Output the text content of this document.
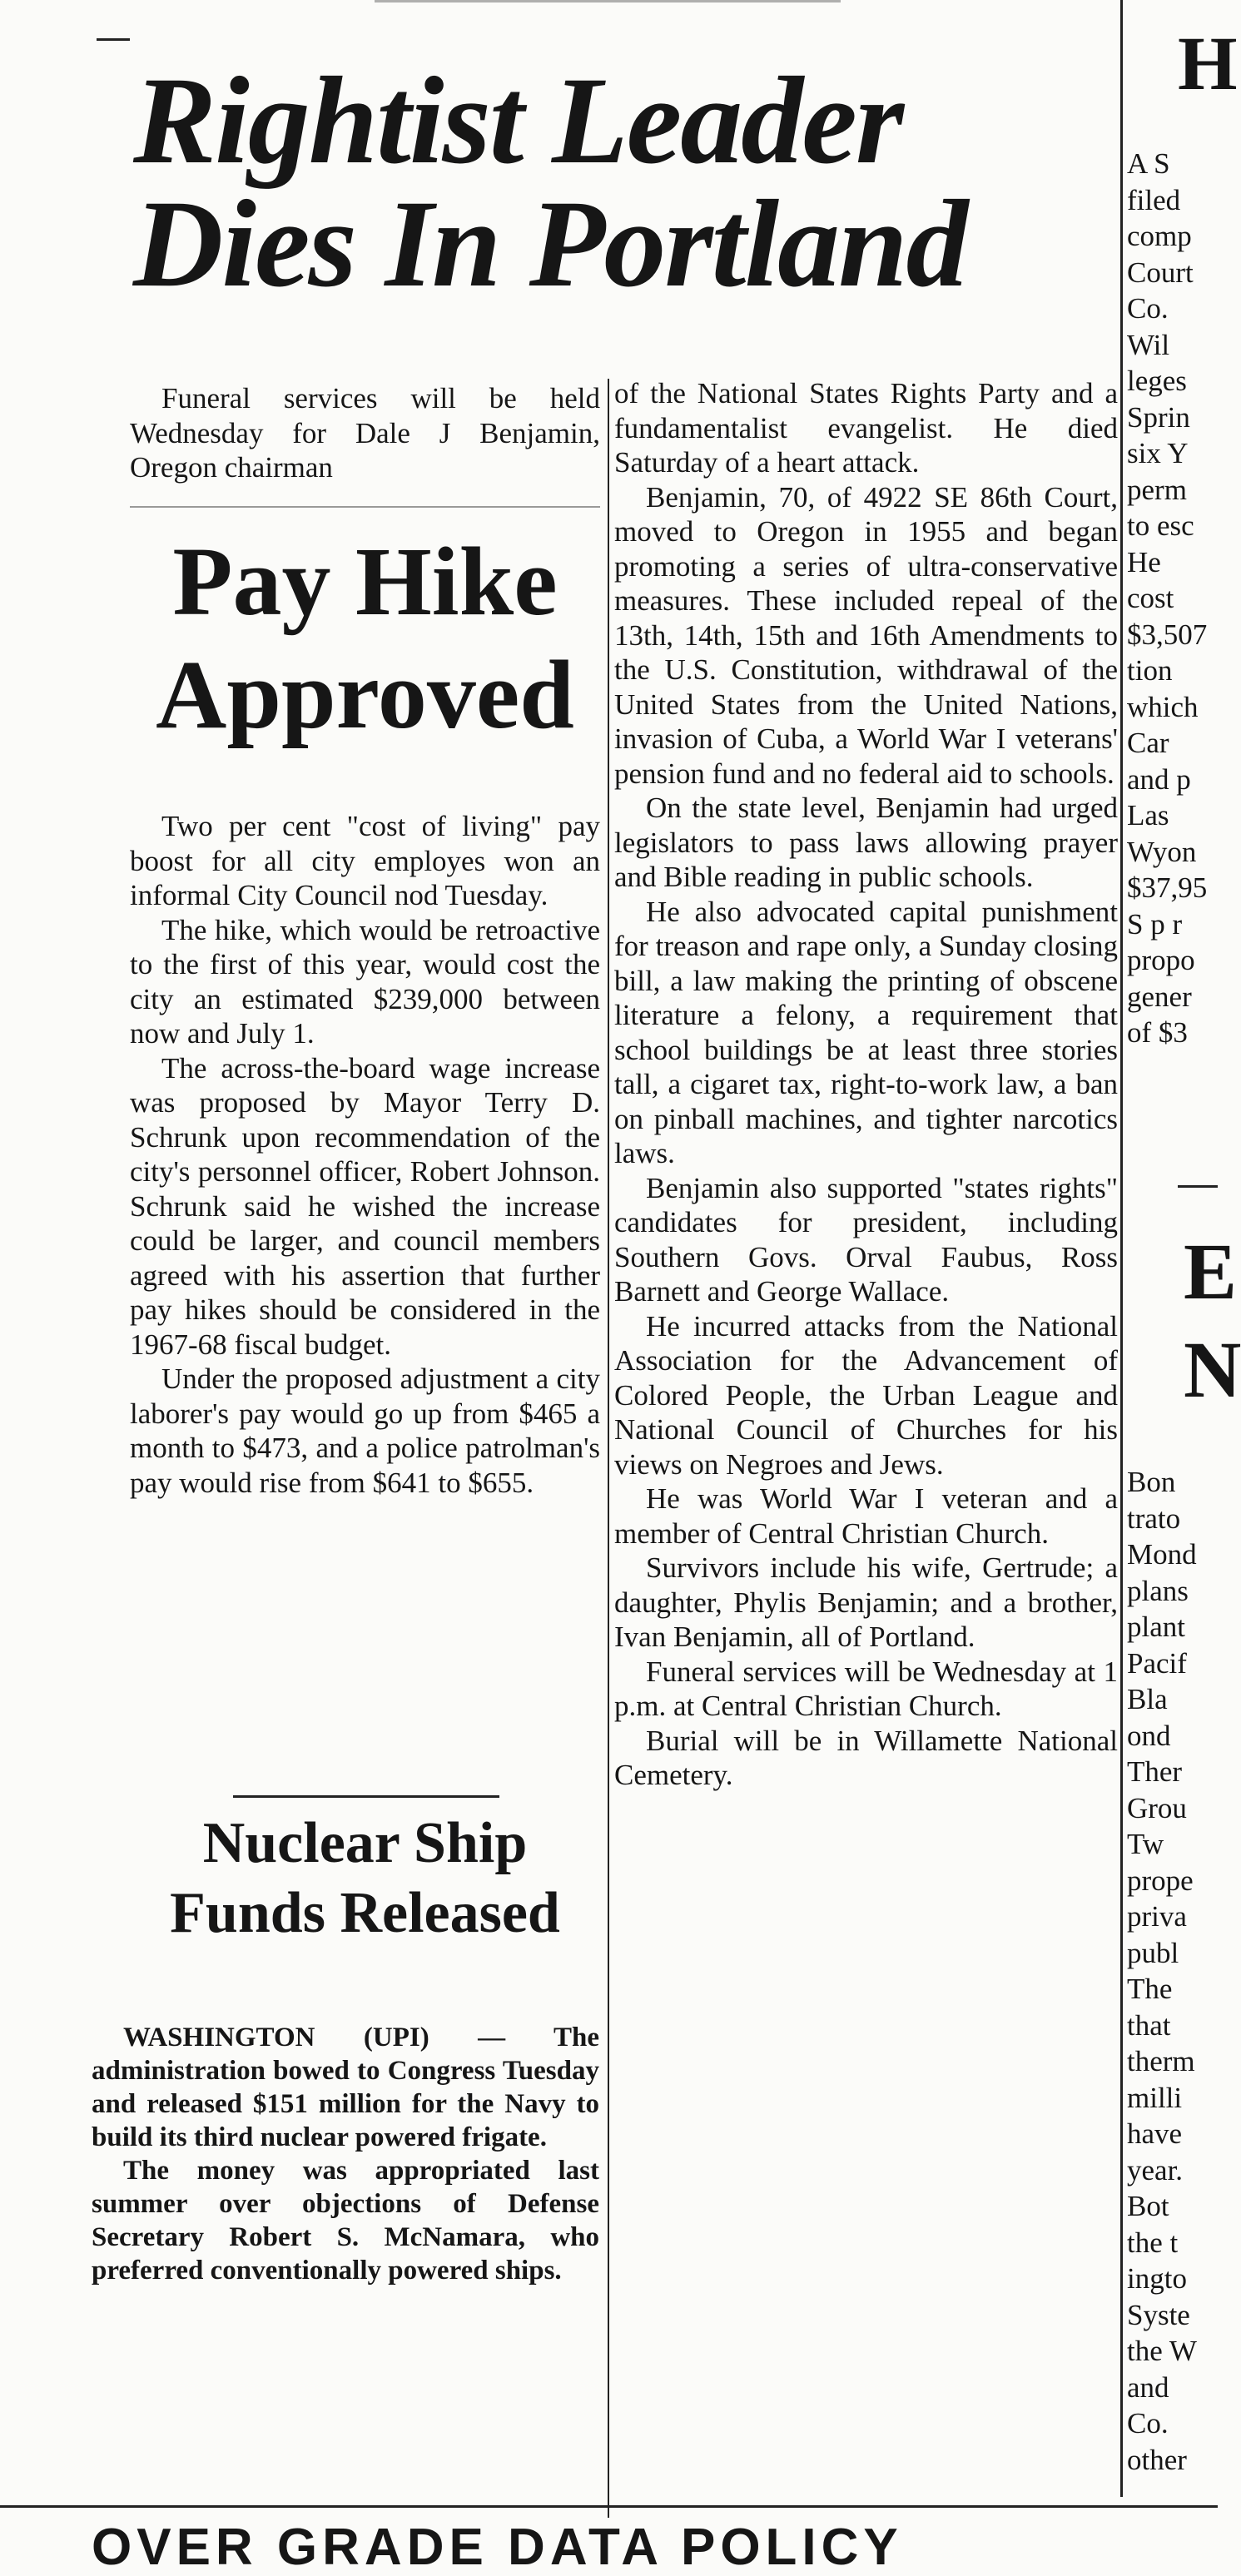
Rightist Leader
Dies In Portland

Funeral services will be held Wednesday for Dale J Benjamin, Oregon chairman

of the National States Rights Party and a fundamentalist evangelist. He died Saturday of a heart attack.

Benjamin, 70, of 4922 SE 86th Court, moved to Oregon in 1955 and began promoting a series of ultra-conservative measures. These included repeal of the 13th, 14th, 15th and 16th Amendments to the U.S. Constitution, withdrawal of the United States from the United Nations, invasion of Cuba, a World War I veterans' pension fund and no federal aid to schools.

On the state level, Benjamin had urged legislators to pass laws allowing prayer and Bible reading in public schools.

He also advocated capital punishment for treason and rape only, a Sunday closing bill, a law making the printing of obscene literature a felony, a requirement that school buildings be at least three stories tall, a cigaret tax, right-to-work law, a ban on pinball machines, and tighter narcotics laws.

Benjamin also supported "states rights" candidates for president, including Southern Govs. Orval Faubus, Ross Barnett and George Wallace.

He incurred attacks from the National Association for the Advancement of Colored People, the Urban League and National Council of Churches for his views on Negroes and Jews.

He was World War I veteran and a member of Central Christian Church.

Survivors include his wife, Gertrude; a daughter, Phylis Benjamin; and a brother, Ivan Benjamin, all of Portland.

Funeral services will be Wednesday at 1 p.m. at Central Christian Church.

Burial will be in Willamette National Cemetery.

Pay Hike
Approved

Two per cent "cost of living" pay boost for all city employes won an informal City Council nod Tuesday.

The hike, which would be retroactive to the first of this year, would cost the city an estimated $239,000 between now and July 1.

The across-the-board wage increase was proposed by Mayor Terry D. Schrunk upon recommendation of the city's personnel officer, Robert Johnson. Schrunk said he wished the increase could be larger, and council members agreed with his assertion that further pay hikes should be considered in the 1967-68 fiscal budget.

Under the proposed adjustment a city laborer's pay would go up from $465 a month to $473, and a police patrolman's pay would rise from $641 to $655.

Nuclear Ship
Funds Released

WASHINGTON (UPI) — The administration bowed to Congress Tuesday and released $151 million for the Navy to build its third nuclear powered frigate.

The money was appropriated last summer over objections of Defense Secretary Robert S. McNamara, who preferred conventionally powered ships.

H
A S
filed
comp
Court
Co.
Wil
leges
Sprin
six Y
perm
to esc
He
cost
$3,507
tion
which
Car
and p
Las
Wyon
$37,95
S p r
propo
gener
of $3
E
N
Bon
trato
Mond
plans
plant
Pacif
Bla
ond
Ther
Grou
Tw
prope
priva
publ
The
that
therm
milli
have
year.
Bot
the t
ingto
Syste
the W
and
Co.
other
OVER GRADE DATA POLICY
